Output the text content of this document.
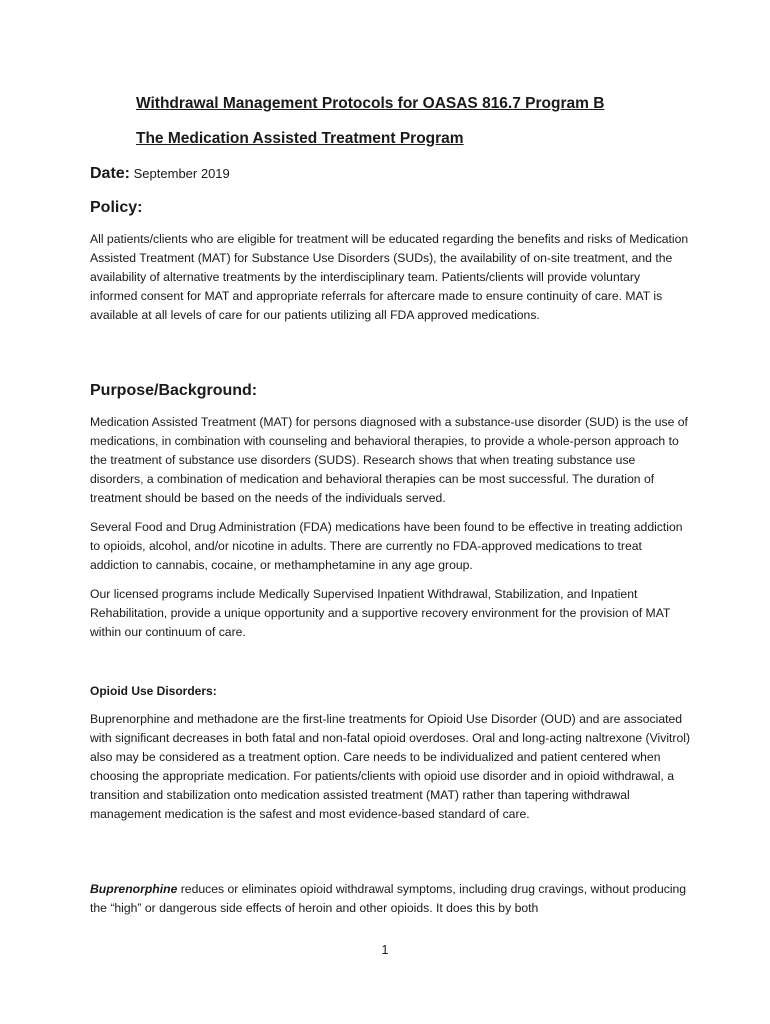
Withdrawal Management Protocols for OASAS 816.7 Program B
The Medication Assisted Treatment Program
Date: September 2019
Policy:

All patients/clients who are eligible for treatment will be educated regarding the benefits and risks of Medication Assisted Treatment (MAT) for Substance Use Disorders (SUDs), the availability of on-site treatment, and the availability of alternative treatments by the interdisciplinary team. Patients/clients will provide voluntary informed consent for MAT and appropriate referrals for aftercare made to ensure continuity of care. MAT is available at all levels of care for our patients utilizing all FDA approved medications.

Purpose/Background:

Medication Assisted Treatment (MAT) for persons diagnosed with a substance-use disorder (SUD) is the use of medications, in combination with counseling and behavioral therapies, to provide a whole-person approach to the treatment of substance use disorders (SUDS). Research shows that when treating substance use disorders, a combination of medication and behavioral therapies can be most successful. The duration of treatment should be based on the needs of the individuals served.

Several Food and Drug Administration (FDA) medications have been found to be effective in treating addiction to opioids, alcohol, and/or nicotine in adults. There are currently no FDA-approved medications to treat addiction to cannabis, cocaine, or methamphetamine in any age group.

Our licensed programs include Medically Supervised Inpatient Withdrawal, Stabilization, and Inpatient Rehabilitation, provide a unique opportunity and a supportive recovery environment for the provision of MAT within our continuum of care.

Opioid Use Disorders:

Buprenorphine and methadone are the first-line treatments for Opioid Use Disorder (OUD) and are associated with significant decreases in both fatal and non-fatal opioid overdoses. Oral and long-acting naltrexone (Vivitrol) also may be considered as a treatment option. Care needs to be individualized and patient centered when choosing the appropriate medication. For patients/clients with opioid use disorder and in opioid withdrawal, a transition and stabilization onto medication assisted treatment (MAT) rather than tapering withdrawal management medication is the safest and most evidence-based standard of care.

Buprenorphine reduces or eliminates opioid withdrawal symptoms, including drug cravings, without producing the “high” or dangerous side effects of heroin and other opioids. It does this by both

1
